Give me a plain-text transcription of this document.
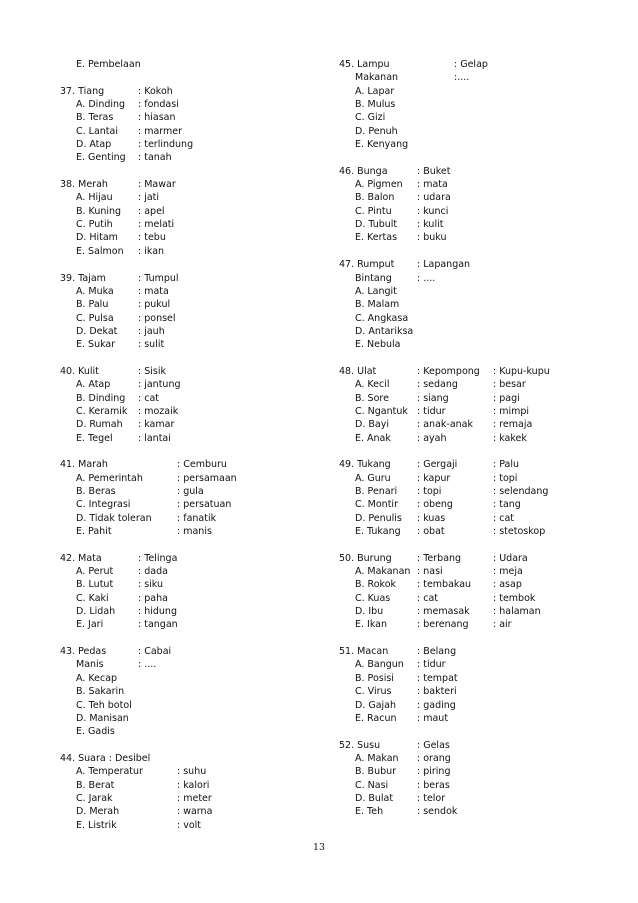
E. Pembelaan
37. Tiang	: Kokoh
A. Dinding : fondasi
B. Teras	: hiasan
C. Lantai : marmer
D. Atap	: terlindung
E. Genting : tanah
38. Merah	: Mawar
A. Hijau	: jati
B. Kuning : apel
C. Putih	: melati
D. Hitam : tebu
E. Salmon : ikan
39. Tajam	: Tumpul
A. Muka	: mata
B. Palu	: pukul
C. Pulsa	: ponsel
D. Dekat : jauh
E. Sukar : sulit
40. Kulit	: Sisik
A. Atap	: jantung
B. Dinding : cat
C. Keramik : mozaik
D. Rumah : kamar
E. Tegel	: lantai
41. Marah	: Cemburu
A. Pemerintah	: persamaan
B. Beras	: gula
C. Integrasi	: persatuan
D. Tidak toleran	: fanatik
E. Pahit	: manis
42. Mata	: Telinga
A. Perut	: dada
B. Lutut	: siku
C. Kaki	: paha
D. Lidah : hidung
E. Jari	: tangan
43. Pedas	: Cabai
Manis	: ....
A. Kecap
B. Sakarin
C. Teh botol
D. Manisan
E. Gadis
44. Suara : Desibel
A. Temperatur	: suhu
B. Berat	: kalori
C. Jarak	: meter
D. Merah	: warna
E. Listrik	: volt
45. Lampu	: Gelap
Makanan	:....
A. Lapar
B. Mulus
C. Gizi
D. Penuh
E. Kenyang
46. Bunga	: Buket
A. Pigmen : mata
B. Balon : udara
C. Pintu	: kunci
D. Tubult : kulit
E. Kertas : buku
47. Rumput : Lapangan
Bintang	: ....
A. Langit
B. Malam
C. Angkasa
D. Antariksa
E. Nebula
48. Ulat	: Kepompong : Kupu-kupu
A. Kecil	: sedang	: besar
B. Sore	: siang	: pagi
C. Ngantuk : tidur	: mimpi
D. Bayi	: anak-anak : remaja
E. Anak	: ayah	: kakek
49. Tukang	: Gergaji	: Palu
A. Guru	: kapur	: topi
B. Penari : topi	: selendang
C. Montir : obeng	: tang
D. Penulis : kuas	: cat
E. Tukang : obat	: stetoskop
50. Burung	: Terbang	: Udara
A. Makanan : nasi	: meja
B. Rokok : tembakau : asap
C. Kuas	: cat	: tembok
D. Ibu	: memasak : halaman
E. Ikan	: berenang	: air
51. Macan	: Belang
A. Bangun : tidur
B. Posisi : tempat
C. Virus	: bakteri
D. Gajah : gading
E. Racun : maut
52. Susu	: Gelas
A. Makan : orang
B. Bubur : piring
C. Nasi	: beras
D. Bulat	: telor
E. Teh	: sendok
13
